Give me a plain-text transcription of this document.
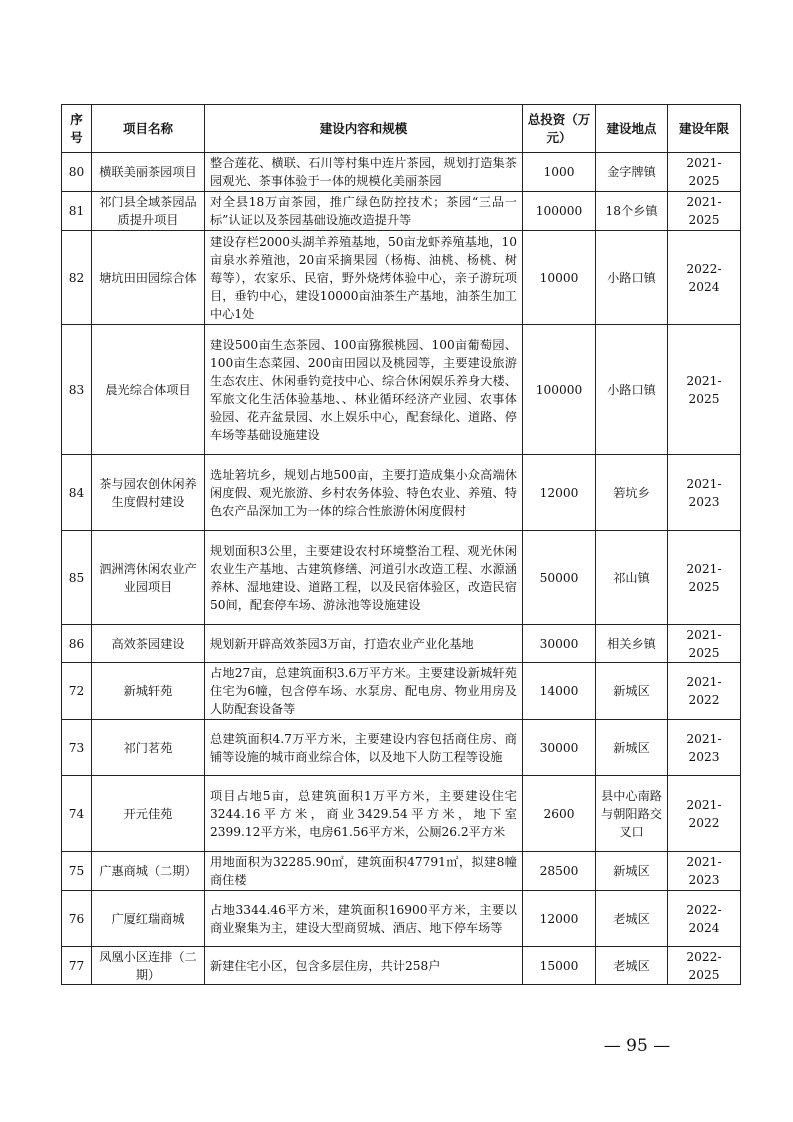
序号	项目名称	建设内容和规模	总投资（万元）	建设地点	建设年限
80	横联美丽茶园项目	整合莲花、横联、石川等村集中连片茶园，规划打造集茶园观光、茶事体验于一体的规模化美丽茶园	1000	金字牌镇	2021-2025
81	祁门县全域茶园品质提升项目	对全县18万亩茶园，推广绿色防控技术；茶园“三品一标”认证以及茶园基础设施改造提升等	100000	18个乡镇	2021-2025
82	塘坑田田园综合体	建设存栏2000头湖羊养殖基地，50亩龙虾养殖基地，10亩泉水养殖池，20亩采摘果园（杨梅、油桃、杨桃、树莓等），农家乐、民宿，野外烧烤体验中心，亲子游玩项目，垂钓中心，建设10000亩油茶生产基地，油茶生加工中心1处	10000	小路口镇	2022-2024
83	晨光综合体项目	建设500亩生态茶园、100亩猕猴桃园、100亩葡萄园、100亩生态菜园、200亩田园以及桃园等，主要建设旅游生态农庄、休闲垂钓竞技中心、综合休闲娱乐养身大楼、军旅文化生活体验基地、、林业循环经济产业园、农事体验园、花卉盆景园、水上娱乐中心，配套绿化、道路、停车场等基础设施建设	100000	小路口镇	2021-2025
84	茶与园农创休闲养生度假村建设	选址箬坑乡，规划占地500亩，主要打造成集小众高端休闲度假、观光旅游、乡村农务体验、特色农业、养殖、特色农产品深加工为一体的综合性旅游休闲度假村	12000	箬坑乡	2021-2023
85	泗洲湾休闲农业产业园项目	规划面积3公里，主要建设农村环境整治工程、观光休闲农业生产基地、古建筑修缮、河道引水改造工程、水源涵养林、湿地建设、道路工程，以及民宿体验区，改造民宿50间，配套停车场、游泳池等设施建设	50000	祁山镇	2021-2025
86	高效茶园建设	规划新开辟高效茶园3万亩，打造农业产业化基地	30000	相关乡镇	2021-2025
72	新城轩苑	占地27亩，总建筑面积3.6万平方米。主要建设新城轩苑住宅为6幢，包含停车场、水泵房、配电房、物业用房及人防配套设备等	14000	新城区	2021-2022
73	祁门茗苑	总建筑面积4.7万平方米，主要建设内容包括商住房、商铺等设施的城市商业综合体，以及地下人防工程等设施	30000	新城区	2021-2023
74	开元佳苑	项目占地5亩，总建筑面积1万平方米，主要建设住宅3244.16平方米，商业3429.54平方米，地下室2399.12平方米，电房61.56平方米，公厕26.2平方米	2600	县中心南路与朝阳路交叉口	2021-2022
75	广惠商城（二期）	用地面积为32285.90㎡，建筑面积47791㎡，拟建8幢商住楼	28500	新城区	2021-2023
76	广厦红瑞商城	占地3344.46平方米，建筑面积16900平方米，主要以商业聚集为主，建设大型商贸城、酒店、地下停车场等	12000	老城区	2022-2024
77	凤凰小区连排（二期）	新建住宅小区，包含多层住房，共计258户	15000	老城区	2022-2025
— 95 —
